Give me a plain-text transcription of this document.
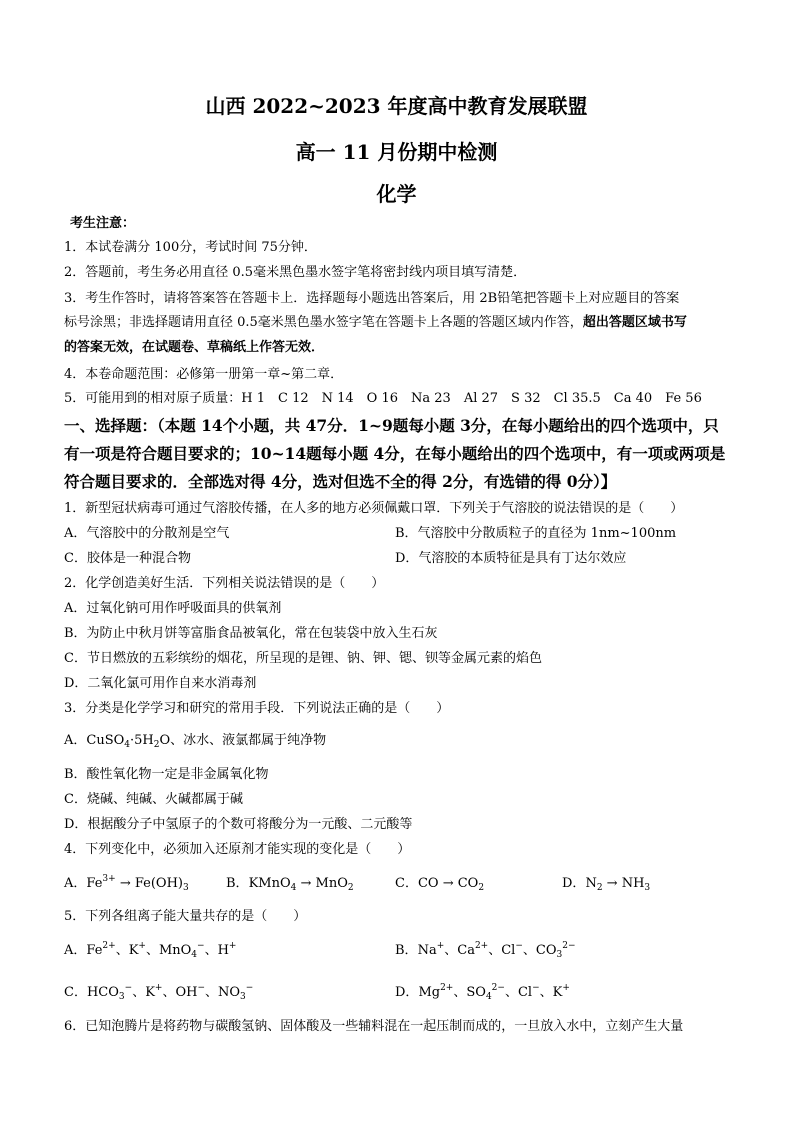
山西 2022~2023 年度高中教育发展联盟
高一 11 月份期中检测
化学
考生注意：
1．本试卷满分 100分，考试时间 75分钟．
2．答题前，考生务必用直径 0.5毫米黑色墨水签字笔将密封线内项目填写清楚．
3．考生作答时，请将答案答在答题卡上．选择题每小题选出答案后，用 2B铅笔把答题卡上对应题目的答案
标号涂黑；非选择题请用直径 0.5毫米黑色墨水签字笔在答题卡上各题的答题区域内作答，超出答题区域书写
的答案无效，在试题卷、草稿纸上作答无效．
4．本卷命题范围：必修第一册第一章~第二章．
5．可能用到的相对原子质量：H 1　C 12　N 14　O 16　Na 23　Al 27　S 32　Cl 35.5　Ca 40　Fe 56
一、选择题：（本题 14个小题，共 47分．1~9题每小题 3分，在每小题给出的四个选项中，只
有一项是符合题目要求的；10~14题每小题 4分，在每小题给出的四个选项中，有一项或两项是
符合题目要求的．全部选对得 4分，选对但选不全的得 2分，有选错的得 0分）】
1．新型冠状病毒可通过气溶胶传播，在人多的地方必须佩戴口罩．下列关于气溶胶的说法错误的是（　　）
A．气溶胶中的分散剂是空气	B．气溶胶中分散质粒子的直径为 1nm~100nm
C．胶体是一种混合物	D．气溶胶的本质特征是具有丁达尔效应
2．化学创造美好生活．下列相关说法错误的是（　　）
A．过氧化钠可用作呼吸面具的供氧剂
B．为防止中秋月饼等富脂食品被氧化，常在包装袋中放入生石灰
C．节日燃放的五彩缤纷的烟花，所呈现的是锂、钠、钾、锶、钡等金属元素的焰色
D．二氧化氯可用作自来水消毒剂
3．分类是化学学习和研究的常用手段．下列说法正确的是（　　）
A．$CuSO_4\cdot 5H_2O$、冰水、液氯都属于纯净物
B．酸性氧化物一定是非金属氧化物
C．烧碱、纯碱、火碱都属于碱
D．根据酸分子中氢原子的个数可将酸分为一元酸、二元酸等
4．下列变化中，必须加入还原剂才能实现的变化是（　　）
A．$Fe^{3+} \to Fe(OH)_3$	B．KMnO$_4$ → MnO$_2$	C．CO → $CO_2$	D．$N_2 \to NH_3$
5．下列各组离子能大量共存的是（　　）
A．$Fe^{2+}$、K+、MnO$_4$−、H+	B．Na+、$Ca^{2+}$、Cl−、$CO_3^{2-}$
C．$HCO_3^-$、K+、OH−、$NO_3^-$	D．$Mg^{2+}$、$SO_4^{2-}$、Cl−、K+
6．已知泡腾片是将药物与碳酸氢钠、固体酸及一些辅料混在一起压制而成的，一旦放入水中，立刻产生大量
